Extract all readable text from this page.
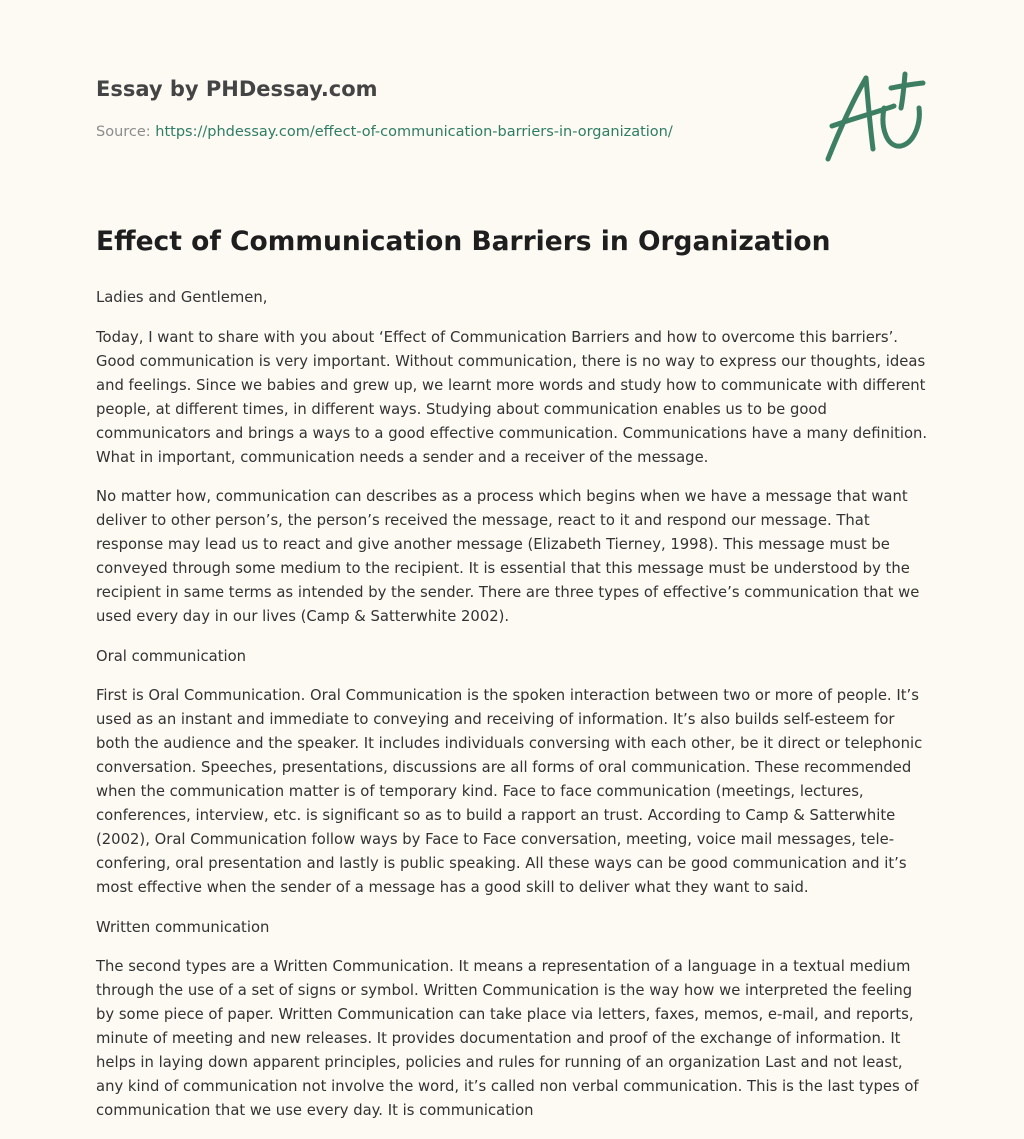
Essay by PHDessay.com
Source: https://phdessay.com/effect-of-communication-barriers-in-organization/
Effect of Communication Barriers in Organization

Ladies and Gentlemen,

Today, I want to share with you about ‘Effect of Communication Barriers and how to overcome this barriers’. Good communication is very important. Without communication, there is no way to express our thoughts, ideas and feelings. Since we babies and grew up, we learnt more words and study how to communicate with different people, at different times, in different ways. Studying about communication enables us to be good communicators and brings a ways to a good effective communication. Communications have a many definition. What in important, communication needs a sender and a receiver of the message.

No matter how, communication can describes as a process which begins when we have a message that want deliver to other person’s, the person’s received the message, react to it and respond our message. That response may lead us to react and give another message (Elizabeth Tierney, 1998). This message must be conveyed through some medium to the recipient. It is essential that this message must be understood by the recipient in same terms as intended by the sender. There are three types of effective’s communication that we used every day in our lives (Camp & Satterwhite 2002).

Oral communication

First is Oral Communication. Oral Communication is the spoken interaction between two or more of people. It’s used as an instant and immediate to conveying and receiving of information. It’s also builds self-esteem for both the audience and the speaker. It includes individuals conversing with each other, be it direct or telephonic conversation. Speeches, presentations, discussions are all forms of oral communication. These recommended when the communication matter is of temporary kind. Face to face communication (meetings, lectures, conferences, interview, etc. is significant so as to build a rapport an trust. According to Camp & Satterwhite (2002), Oral Communication follow ways by Face to Face conversation, meeting, voice mail messages, tele-confering, oral presentation and lastly is public speaking. All these ways can be good communication and it’s most effective when the sender of a message has a good skill to deliver what they want to said.

Written communication

The second types are a Written Communication. It means a representation of a language in a textual medium through the use of a set of signs or symbol. Written Communication is the way how we interpreted the feeling by some piece of paper. Written Communication can take place via letters, faxes, memos, e-mail, and reports, minute of meeting and new releases. It provides documentation and proof of the exchange of information. It helps in laying down apparent principles, policies and rules for running of an organization Last and not least, any kind of communication not involve the word, it’s called non verbal communication. This is the last types of communication that we use every day. It is communication
